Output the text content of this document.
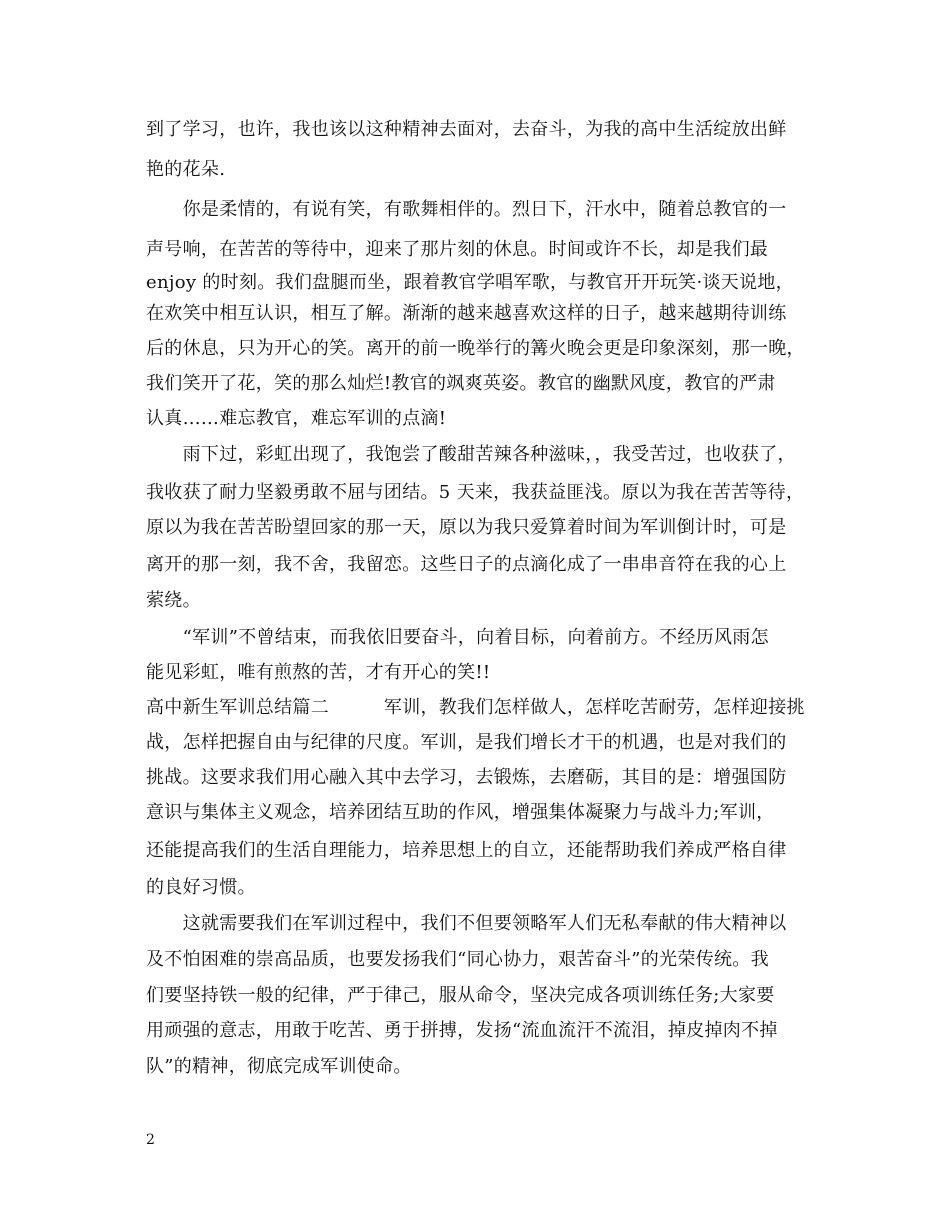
到了学习，也许，我也该以这种精神去面对，去奋斗，为我的高中生活绽放出鲜
艳的花朵.
　　你是柔情的，有说有笑，有歌舞相伴的。烈日下，汗水中，随着总教官的一
声号响，在苦苦的等待中，迎来了那片刻的休息。时间或许不长，却是我们最
enjoy 的时刻。我们盘腿而坐，跟着教官学唱军歌，与教官开开玩笑·谈天说地，
在欢笑中相互认识，相互了解。渐渐的越来越喜欢这样的日子，越来越期待训练
后的休息，只为开心的笑。离开的前一晚举行的篝火晚会更是印象深刻，那一晚，
我们笑开了花，笑的那么灿烂!教官的飒爽英姿。教官的幽默风度，教官的严肃
认真……难忘教官，难忘军训的点滴!
　　雨下过，彩虹出现了，我饱尝了酸甜苦辣各种滋味，，我受苦过，也收获了，
我收获了耐力坚毅勇敢不屈与团结。5 天来，我获益匪浅。原以为我在苦苦等待，
原以为我在苦苦盼望回家的那一天，原以为我只爱算着时间为军训倒计时，可是
离开的那一刻，我不舍，我留恋。这些日子的点滴化成了一串串音符在我的心上
萦绕。
　　“军训”不曾结束，而我依旧要奋斗，向着目标，向着前方。不经历风雨怎
能见彩虹，唯有煎熬的苦，才有开心的笑!!
高中新生军训总结篇二　　　军训，教我们怎样做人，怎样吃苦耐劳，怎样迎接挑
战，怎样把握自由与纪律的尺度。军训，是我们增长才干的机遇，也是对我们的
挑战。这要求我们用心融入其中去学习，去锻炼，去磨砺，其目的是：增强国防
意识与集体主义观念，培养团结互助的作风，增强集体凝聚力与战斗力;军训，
还能提高我们的生活自理能力，培养思想上的自立，还能帮助我们养成严格自律
的良好习惯。
　　这就需要我们在军训过程中，我们不但要领略军人们无私奉献的伟大精神以
及不怕困难的崇高品质，也要发扬我们“同心协力，艰苦奋斗”的光荣传统。我
们要坚持铁一般的纪律，严于律己，服从命令，坚决完成各项训练任务;大家要
用顽强的意志，用敢于吃苦、勇于拼搏，发扬“流血流汗不流泪，掉皮掉肉不掉
队”的精神，彻底完成军训使命。
2
